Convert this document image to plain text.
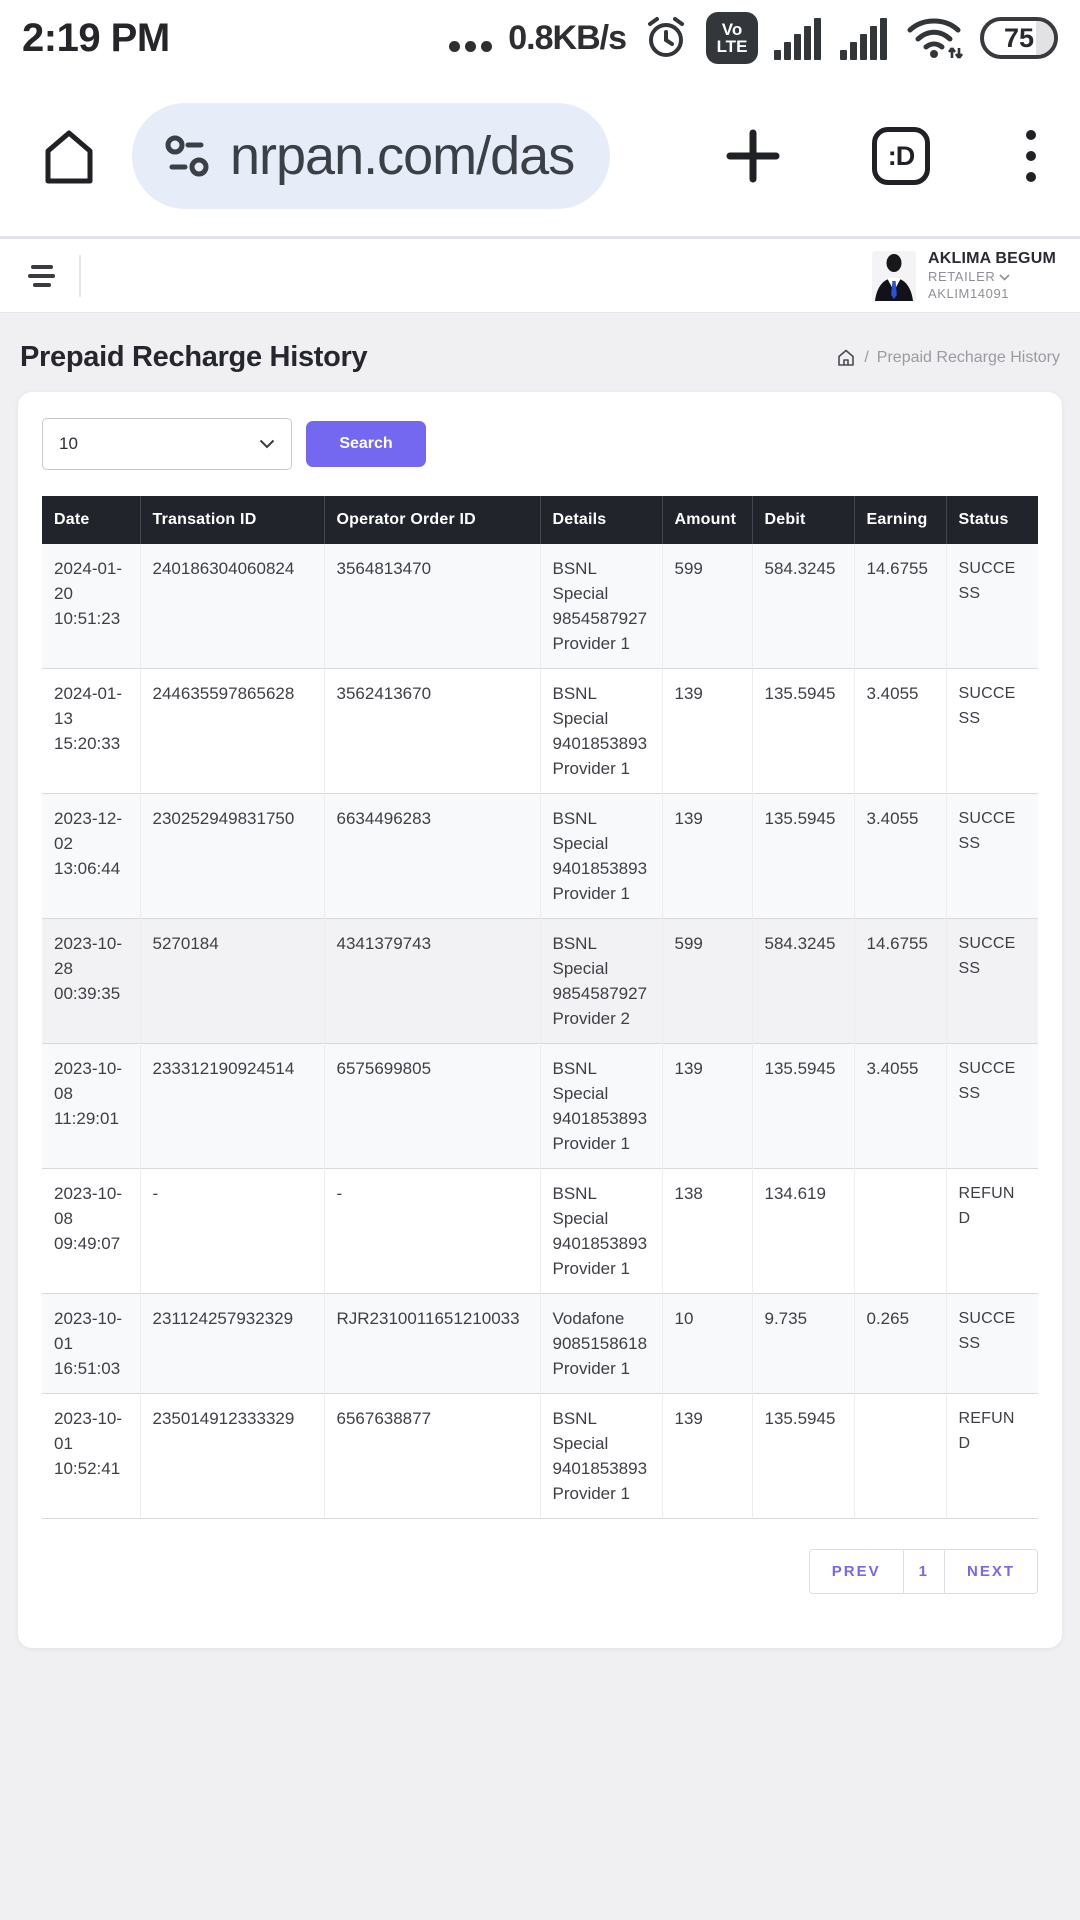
2:19 PM	0.8KB/s	Vo
LTE	75
nrpan.com/das	:D
AKLIMA BEGUM
RETAILER
AKLIM14091
Prepaid Recharge History	/ Prepaid Recharge History
10	Search
Date	Transation ID	Operator Order ID	Details	Amount	Debit	Earning	Status
2024-01-20 10:51:23	240186304060824	3564813470	BSNL Special 9854587927 Provider 1	599	584.3245	14.6755	SUCCESS
2024-01-13 15:20:33	244635597865628	3562413670	BSNL Special 9401853893 Provider 1	139	135.5945	3.4055	SUCCESS
2023-12-02 13:06:44	230252949831750	6634496283	BSNL Special 9401853893 Provider 1	139	135.5945	3.4055	SUCCESS
2023-10-28 00:39:35	5270184	4341379743	BSNL Special 9854587927 Provider 2	599	584.3245	14.6755	SUCCESS
2023-10-08 11:29:01	233312190924514	6575699805	BSNL Special 9401853893 Provider 1	139	135.5945	3.4055	SUCCESS
2023-10-08 09:49:07	-	-	BSNL Special 9401853893 Provider 1	138	134.619		REFUND
2023-10-01 16:51:03	231124257932329	RJR2310011651210033	Vodafone 9085158618 Provider 1	10	9.735	0.265	SUCCESS
2023-10-01 10:52:41	235014912333329	6567638877	BSNL Special 9401853893 Provider 1	139	135.5945		REFUND
PREV	1	NEXT
